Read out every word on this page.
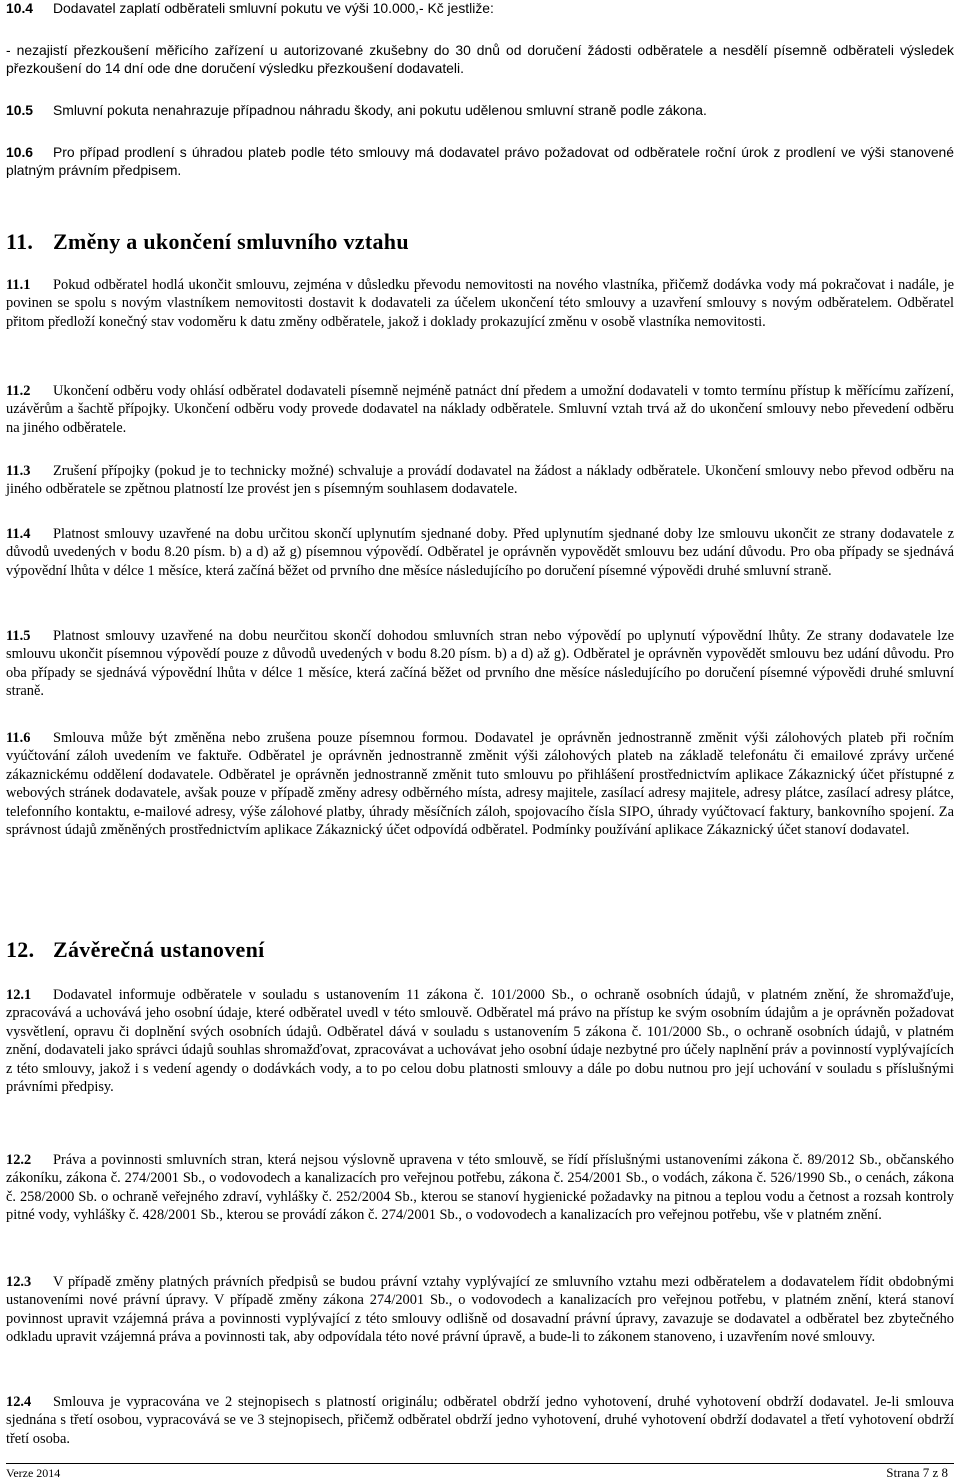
10.4 Dodavatel zaplatí odběrateli smluvní pokutu ve výši 10.000,- Kč jestliže:

- nezajistí přezkoušení měřicího zařízení u autorizované zkušebny do 30 dnů od doručení žádosti odběratele a nesdělí písemně odběrateli výsledek přezkoušení do 14 dní ode dne doručení výsledku přezkoušení dodavateli.

10.5 Smluvní pokuta nenahrazuje případnou náhradu škody, ani pokutu udělenou smluvní straně podle zákona.

10.6 Pro případ prodlení s úhradou plateb podle této smlouvy má dodavatel právo požadovat od odběratele roční úrok z prodlení ve výši stanovené platným právním předpisem.

11. Změny a ukončení smluvního vztahu

11.1 Pokud odběratel hodlá ukončit smlouvu, zejména v důsledku převodu nemovitosti na nového vlastníka, přičemž dodávka vody má pokračovat i nadále, je povinen se spolu s novým vlastníkem nemovitosti dostavit k dodavateli za účelem ukončení této smlouvy a uzavření smlouvy s novým odběratelem. Odběratel přitom předloží konečný stav vodoměru k datu změny odběratele, jakož i doklady prokazující změnu v osobě vlastníka nemovitosti.

11.2 Ukončení odběru vody ohlásí odběratel dodavateli písemně nejméně patnáct dní předem a umožní dodavateli v tomto termínu přístup k měřícímu zařízení, uzávěrům a šachtě přípojky. Ukončení odběru vody provede dodavatel na náklady odběratele. Smluvní vztah trvá až do ukončení smlouvy nebo převedení odběru na jiného odběratele.

11.3 Zrušení přípojky (pokud je to technicky možné) schvaluje a provádí dodavatel na žádost a náklady odběratele. Ukončení smlouvy nebo převod odběru na jiného odběratele se zpětnou platností lze provést jen s písemným souhlasem dodavatele.

11.4 Platnost smlouvy uzavřené na dobu určitou skončí uplynutím sjednané doby. Před uplynutím sjednané doby lze smlouvu ukončit ze strany dodavatele z důvodů uvedených v bodu 8.20 písm. b) a d) až g) písemnou výpovědí. Odběratel je oprávněn vypovědět smlouvu bez udání důvodu. Pro oba případy se sjednává výpovědní lhůta v délce 1 měsíce, která začíná běžet od prvního dne měsíce následujícího po doručení písemné výpovědi druhé smluvní straně.

11.5 Platnost smlouvy uzavřené na dobu neurčitou skončí dohodou smluvních stran nebo výpovědí po uplynutí výpovědní lhůty. Ze strany dodavatele lze smlouvu ukončit písemnou výpovědí pouze z důvodů uvedených v bodu 8.20 písm. b) a d) až g). Odběratel je oprávněn vypovědět smlouvu bez udání důvodu. Pro oba případy se sjednává výpovědní lhůta v délce 1 měsíce, která začíná běžet od prvního dne měsíce následujícího po doručení písemné výpovědi druhé smluvní straně.

11.6 Smlouva může být změněna nebo zrušena pouze písemnou formou. Dodavatel je oprávněn jednostranně změnit výši zálohových plateb při ročním vyúčtování záloh uvedením ve faktuře. Odběratel je oprávněn jednostranně změnit výši zálohových plateb na základě telefonátu či emailové zprávy určené zákaznickému oddělení dodavatele. Odběratel je oprávněn jednostranně změnit tuto smlouvu po přihlášení prostřednictvím aplikace Zákaznický účet přístupné z webových stránek dodavatele, avšak pouze v případě změny adresy odběrného místa, adresy majitele, zasílací adresy majitele, adresy plátce, zasílací adresy plátce, telefonního kontaktu, e-mailové adresy, výše zálohové platby, úhrady měsíčních záloh, spojovacího čísla SIPO, úhrady vyúčtovací faktury, bankovního spojení. Za správnost údajů změněných prostřednictvím aplikace Zákaznický účet odpovídá odběratel. Podmínky používání aplikace Zákaznický účet stanoví dodavatel.

12. Závěrečná ustanovení

12.1 Dodavatel informuje odběratele v souladu s ustanovením 11 zákona č. 101/2000 Sb., o ochraně osobních údajů, v platném znění, že shromažďuje, zpracovává a uchovává jeho osobní údaje, které odběratel uvedl v této smlouvě. Odběratel má právo na přístup ke svým osobním údajům a je oprávněn požadovat vysvětlení, opravu či doplnění svých osobních údajů. Odběratel dává v souladu s ustanovením 5 zákona č. 101/2000 Sb., o ochraně osobních údajů, v platném znění, dodavateli jako správci údajů souhlas shromažďovat, zpracovávat a uchovávat jeho osobní údaje nezbytné pro účely naplnění práv a povinností vyplývajících z této smlouvy, jakož i s vedení agendy o dodávkách vody, a to po celou dobu platnosti smlouvy a dále po dobu nutnou pro její uchování v souladu s příslušnými právními předpisy.

12.2 Práva a povinnosti smluvních stran, která nejsou výslovně upravena v této smlouvě, se řídí příslušnými ustanoveními zákona č. 89/2012 Sb., občanského zákoníku, zákona č. 274/2001 Sb., o vodovodech a kanalizacích pro veřejnou potřebu, zákona č. 254/2001 Sb., o vodách, zákona č. 526/1990 Sb., o cenách, zákona č. 258/2000 Sb. o ochraně veřejného zdraví, vyhlášky č. 252/2004 Sb., kterou se stanoví hygienické požadavky na pitnou a teplou vodu a četnost a rozsah kontroly pitné vody, vyhlášky č. 428/2001 Sb., kterou se provádí zákon č. 274/2001 Sb., o vodovodech a kanalizacích pro veřejnou potřebu, vše v platném znění.

12.3 V případě změny platných právních předpisů se budou právní vztahy vyplývající ze smluvního vztahu mezi odběratelem a dodavatelem řídit obdobnými ustanoveními nové právní úpravy. V případě změny zákona 274/2001 Sb., o vodovodech a kanalizacích pro veřejnou potřebu, v platném znění, která stanoví povinnost upravit vzájemná práva a povinnosti vyplývající z této smlouvy odlišně od dosavadní právní úpravy, zavazuje se dodavatel a odběratel bez zbytečného odkladu upravit vzájemná práva a povinnosti tak, aby odpovídala této nové právní úpravě, a bude-li to zákonem stanoveno, i uzavřením nové smlouvy.

12.4 Smlouva je vypracována ve 2 stejnopisech s platností originálu; odběratel obdrží jedno vyhotovení, druhé vyhotovení obdrží dodavatel. Je-li smlouva sjednána s třetí osobou, vypracovává se ve 3 stejnopisech, přičemž odběratel obdrží jedno vyhotovení, druhé vyhotovení obdrží dodavatel a třetí vyhotovení obdrží třetí osoba.

Verze 2014	Strana 7 z 8
